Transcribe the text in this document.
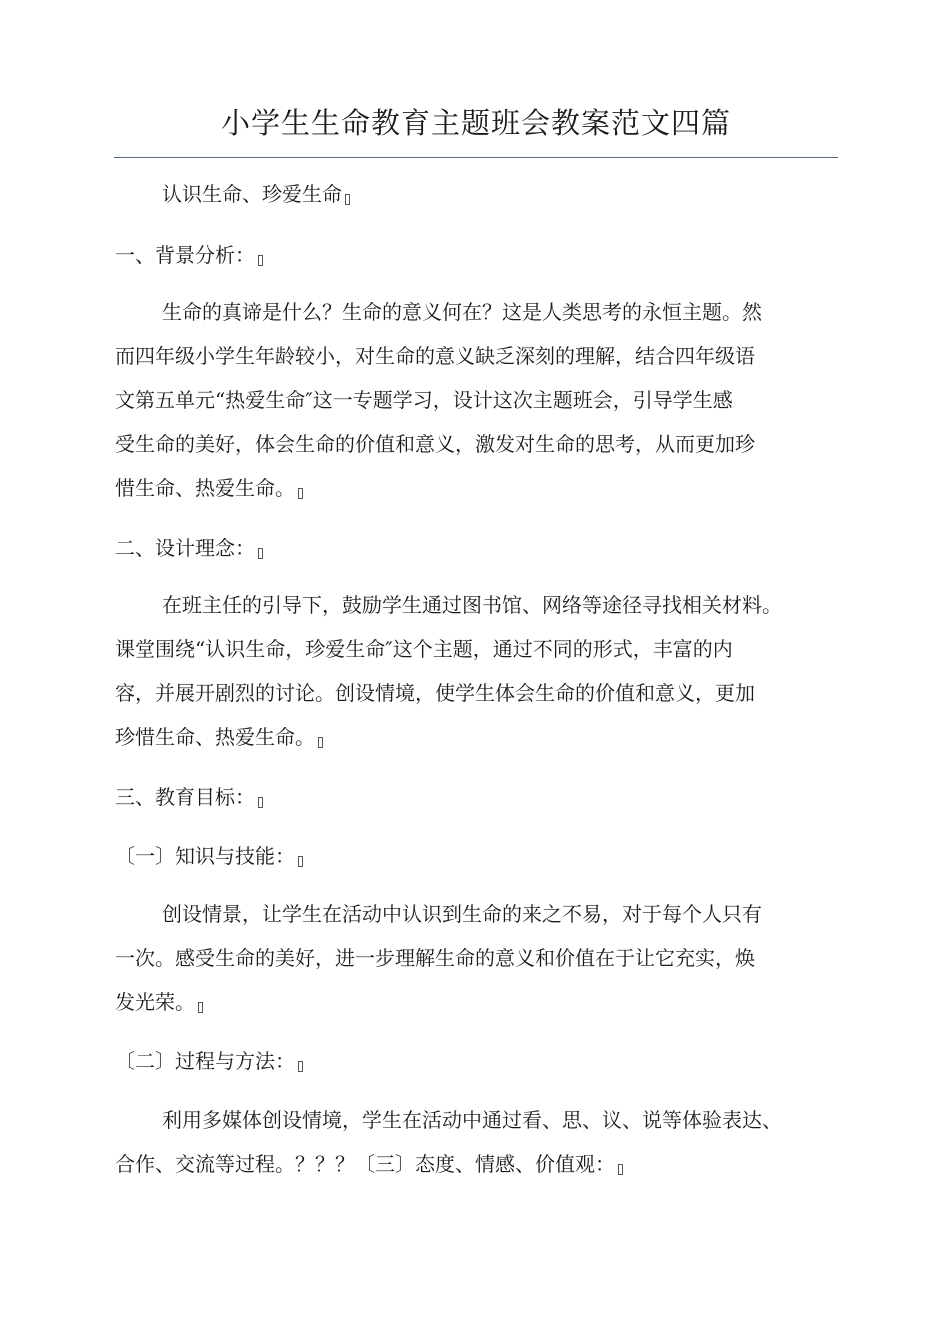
小学生生命教育主题班会教案范文四篇
认识生命、珍爱生命
一、背景分析：
生命的真谛是什么？生命的意义何在？这是人类思考的永恒主题。然
而四年级小学生年龄较小，对生命的意义缺乏深刻的理解，结合四年级语
文第五单元“热爱生命″这一专题学习，设计这次主题班会，引导学生感
受生命的美好，体会生命的价值和意义，激发对生命的思考，从而更加珍
惜生命、热爱生命。
二、设计理念：
在班主任的引导下，鼓励学生通过图书馆、网络等途径寻找相关材料。
课堂围绕“认识生命，珍爱生命″这个主题，通过不同的形式，丰富的内
容，并展开剧烈的讨论。创设情境，使学生体会生命的价值和意义，更加
珍惜生命、热爱生命。
三、教育目标：
〔一〕知识与技能：
创设情景，让学生在活动中认识到生命的来之不易，对于每个人只有
一次。感受生命的美好，进一步理解生命的意义和价值在于让它充实，焕
发光荣。
〔二〕过程与方法：
利用多媒体创设情境，学生在活动中通过看、思、议、说等体验表达、
合作、交流等过程。？？？〔三〕态度、情感、价值观：
